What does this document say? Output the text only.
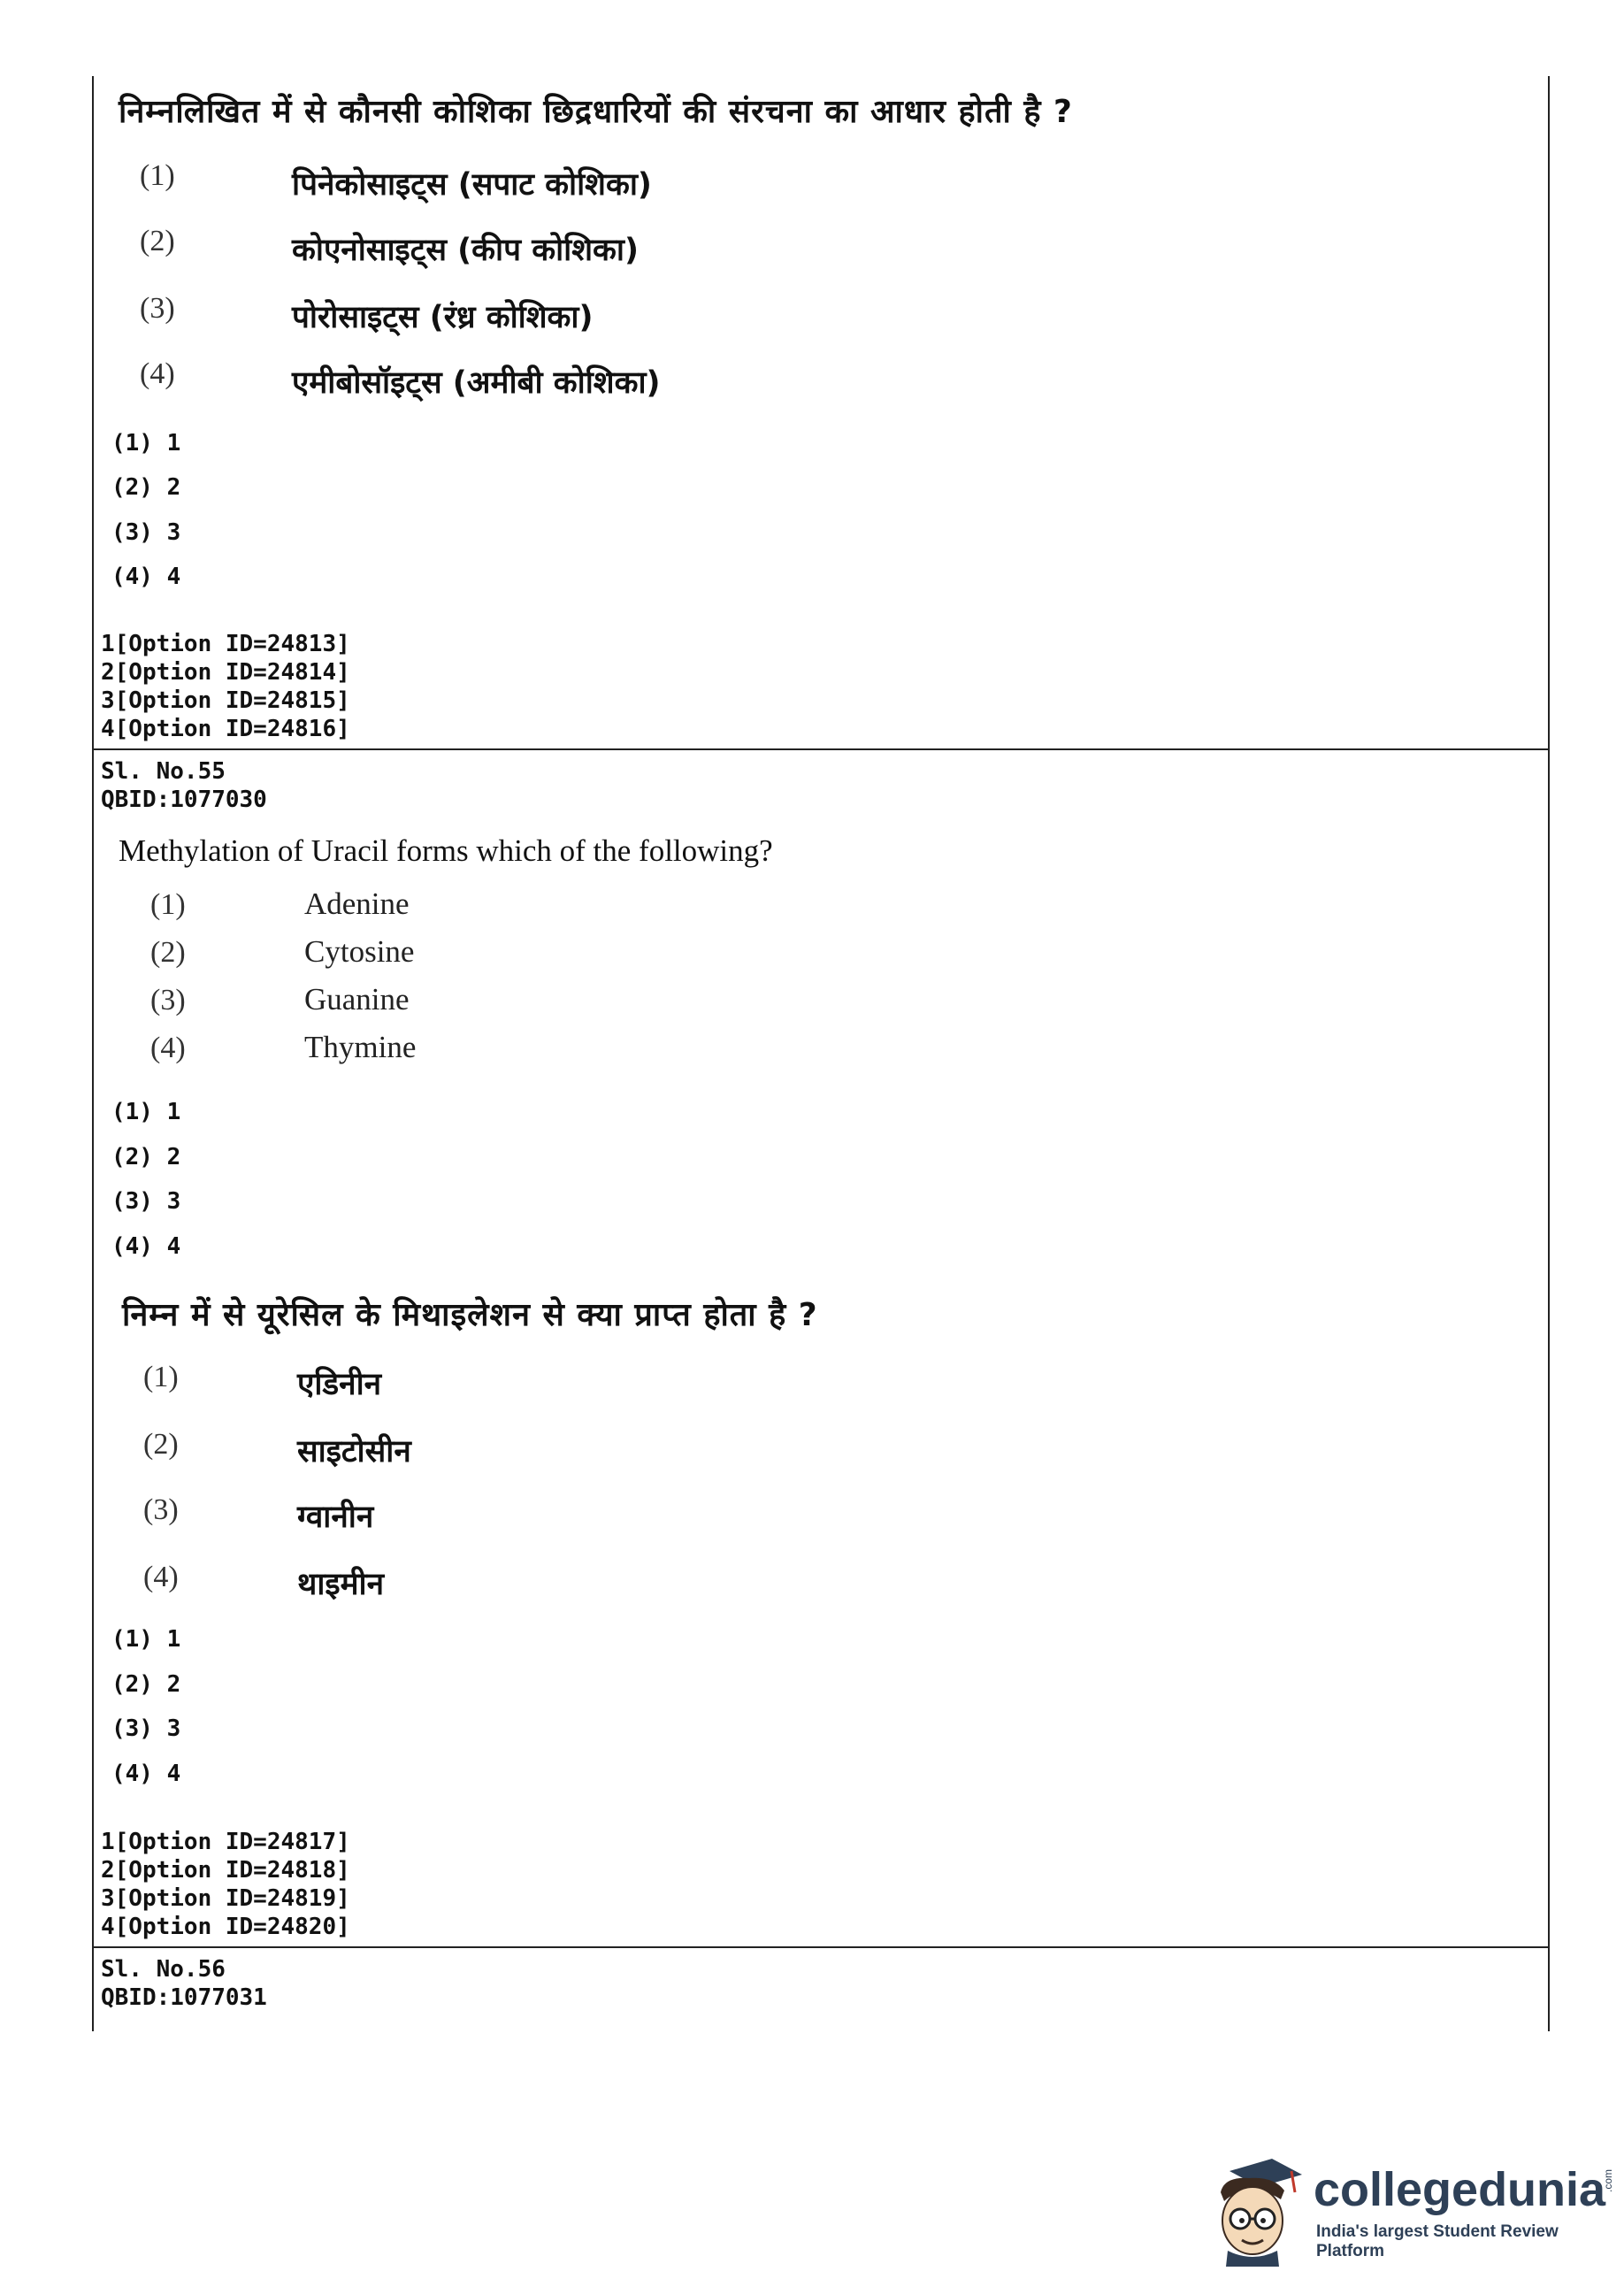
निम्नलिखित में से कौनसी कोशिका छिद्रधारियों की संरचना का आधार होती है ?
(1)	पिनेकोसाइट्स (सपाट कोशिका)
(2)	कोएनोसाइट्स (कीप कोशिका)
(3)	पोरोसाइट्स (रंध्र कोशिका)
(4)	एमीबोसॉइट्स (अमीबी कोशिका)
(1) 1
(2) 2
(3) 3
(4) 4
1[Option ID=24813]
2[Option ID=24814]
3[Option ID=24815]
4[Option ID=24816]
Sl. No.55
QBID:1077030
Methylation of Uracil forms which of the following?
(1)	Adenine
(2)	Cytosine
(3)	Guanine
(4)	Thymine
(1) 1
(2) 2
(3) 3
(4) 4
निम्न में से यूरेसिल के मिथाइलेशन से क्या प्राप्त होता है ?
(1)	एडिनीन
(2)	साइटोसीन
(3)	ग्वानीन
(4)	थाइमीन
(1) 1
(2) 2
(3) 3
(4) 4
1[Option ID=24817]
2[Option ID=24818]
3[Option ID=24819]
4[Option ID=24820]
Sl. No.56
QBID:1077031
collegedunia
.com
India's largest Student Review Platform
